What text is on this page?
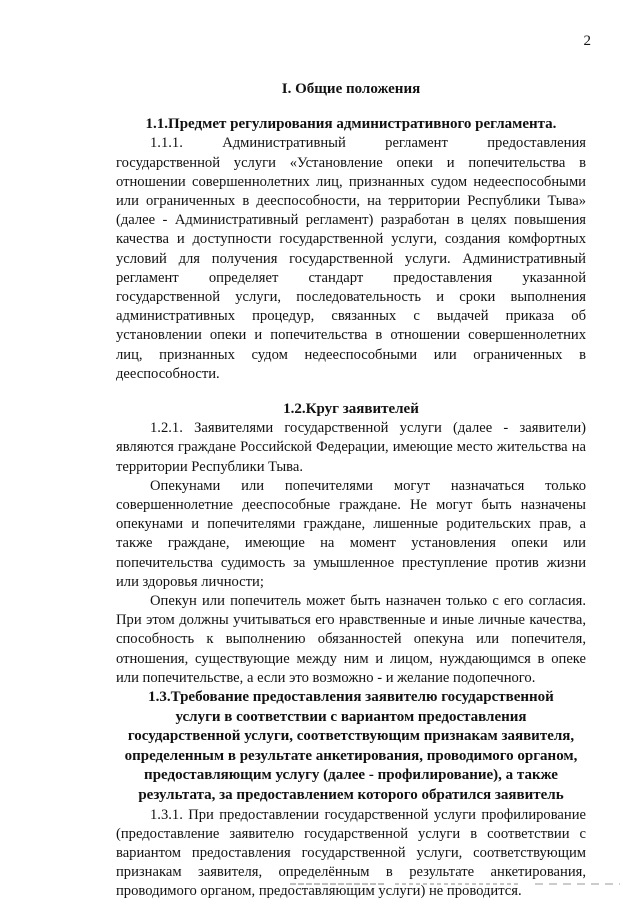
2
I. Общие положения
1.1.Предмет регулирования административного регламента.

1.1.1. Административный регламент предоставления государственной услуги «Установление опеки и попечительства в отношении совершеннолетних лиц, признанных судом недееспособными или ограниченных в дееспособности, на территории Республики Тыва» (далее - Административный регламент) разработан в целях повышения качества и доступности государственной услуги, создания комфортных условий для получения государственной услуги. Административный регламент определяет стандарт предоставления указанной государственной услуги, последовательность и сроки выполнения административных процедур, связанных с выдачей приказа об установлении опеки и попечительства в отношении совершеннолетних лиц, признанных судом недееспособными или ограниченных в дееспособности.

1.2.Круг заявителей

1.2.1. Заявителями государственной услуги (далее - заявители) являются граждане Российской Федерации, имеющие место жительства на территории Республики Тыва.

Опекунами или попечителями могут назначаться только совершеннолетние дееспособные граждане. Не могут быть назначены опекунами и попечителями граждане, лишенные родительских прав, а также граждане, имеющие на момент установления опеки или попечительства судимость за умышленное преступление против жизни или здоровья личности;

Опекун или попечитель может быть назначен только с его согласия. При этом должны учитываться его нравственные и иные личные качества, способность к выполнению обязанностей опекуна или попечителя, отношения, существующие между ним и лицом, нуждающимся в опеке или попечительстве, а если это возможно - и желание подопечного.

1.3.Требование предоставления заявителю государственной услуги в соответствии с вариантом предоставления государственной услуги, соответствующим признакам заявителя, определенным в результате анкетирования, проводимого органом, предоставляющим услугу (далее - профилирование), а также результата, за предоставлением которого обратился заявитель

1.3.1. При предоставлении государственной услуги профилирование (предоставление заявителю государственной услуги в соответствии с вариантом предоставления государственной услуги, соответствующим признакам заявителя, определённым в результате анкетирования, проводимого органом, предоставляющим услуги) не проводится.
